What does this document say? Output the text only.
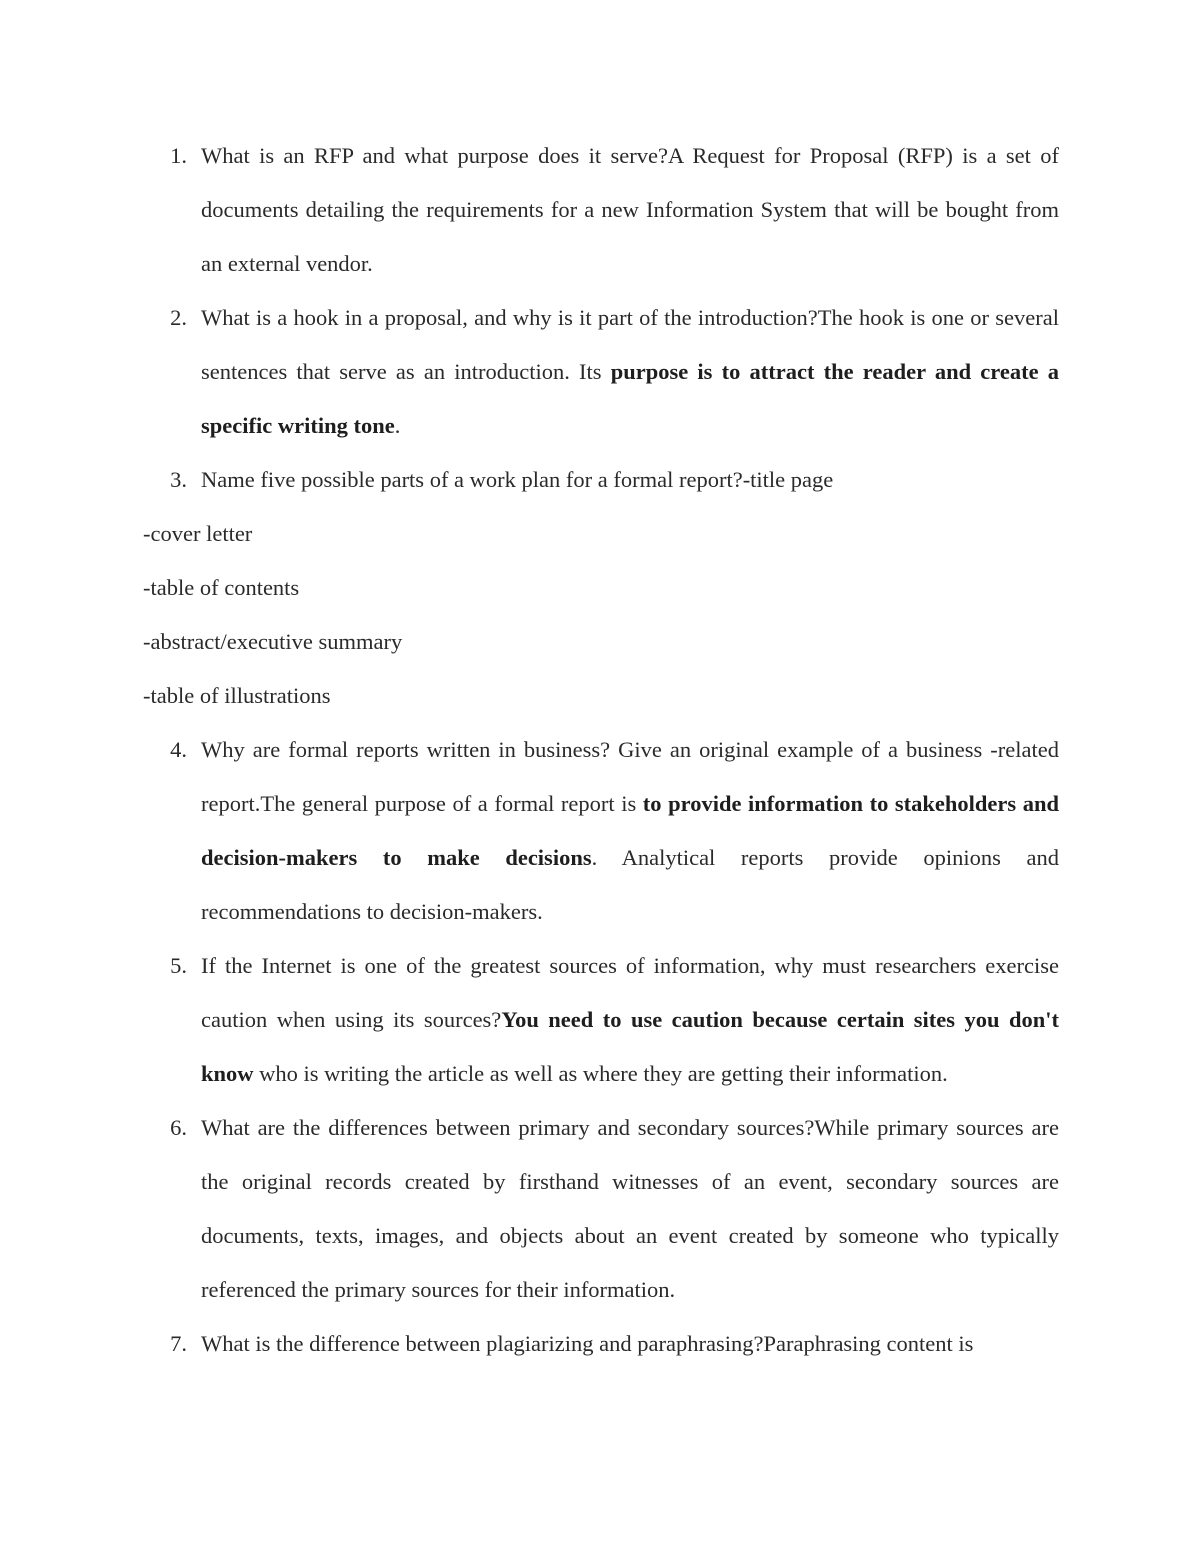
1. What is an RFP and what purpose does it serve?A Request for Proposal (RFP) is a set of documents detailing the requirements for a new Information System that will be bought from an external vendor.
2. What is a hook in a proposal, and why is it part of the introduction?The hook is one or several sentences that serve as an introduction. Its purpose is to attract the reader and create a specific writing tone.
3. Name five possible parts of a work plan for a formal report?-title page
-cover letter
-table of contents
-abstract/executive summary
-table of illustrations
4. Why are formal reports written in business? Give an original example of a business -related report.The general purpose of a formal report is to provide information to stakeholders and decision-makers to make decisions. Analytical reports provide opinions and recommendations to decision-makers.
5. If the Internet is one of the greatest sources of information, why must researchers exercise caution when using its sources?You need to use caution because certain sites you don't know who is writing the article as well as where they are getting their information.
6. What are the differences between primary and secondary sources?While primary sources are the original records created by firsthand witnesses of an event, secondary sources are documents, texts, images, and objects about an event created by someone who typically referenced the primary sources for their information.
7. What is the difference between plagiarizing and paraphrasing?Paraphrasing content is
